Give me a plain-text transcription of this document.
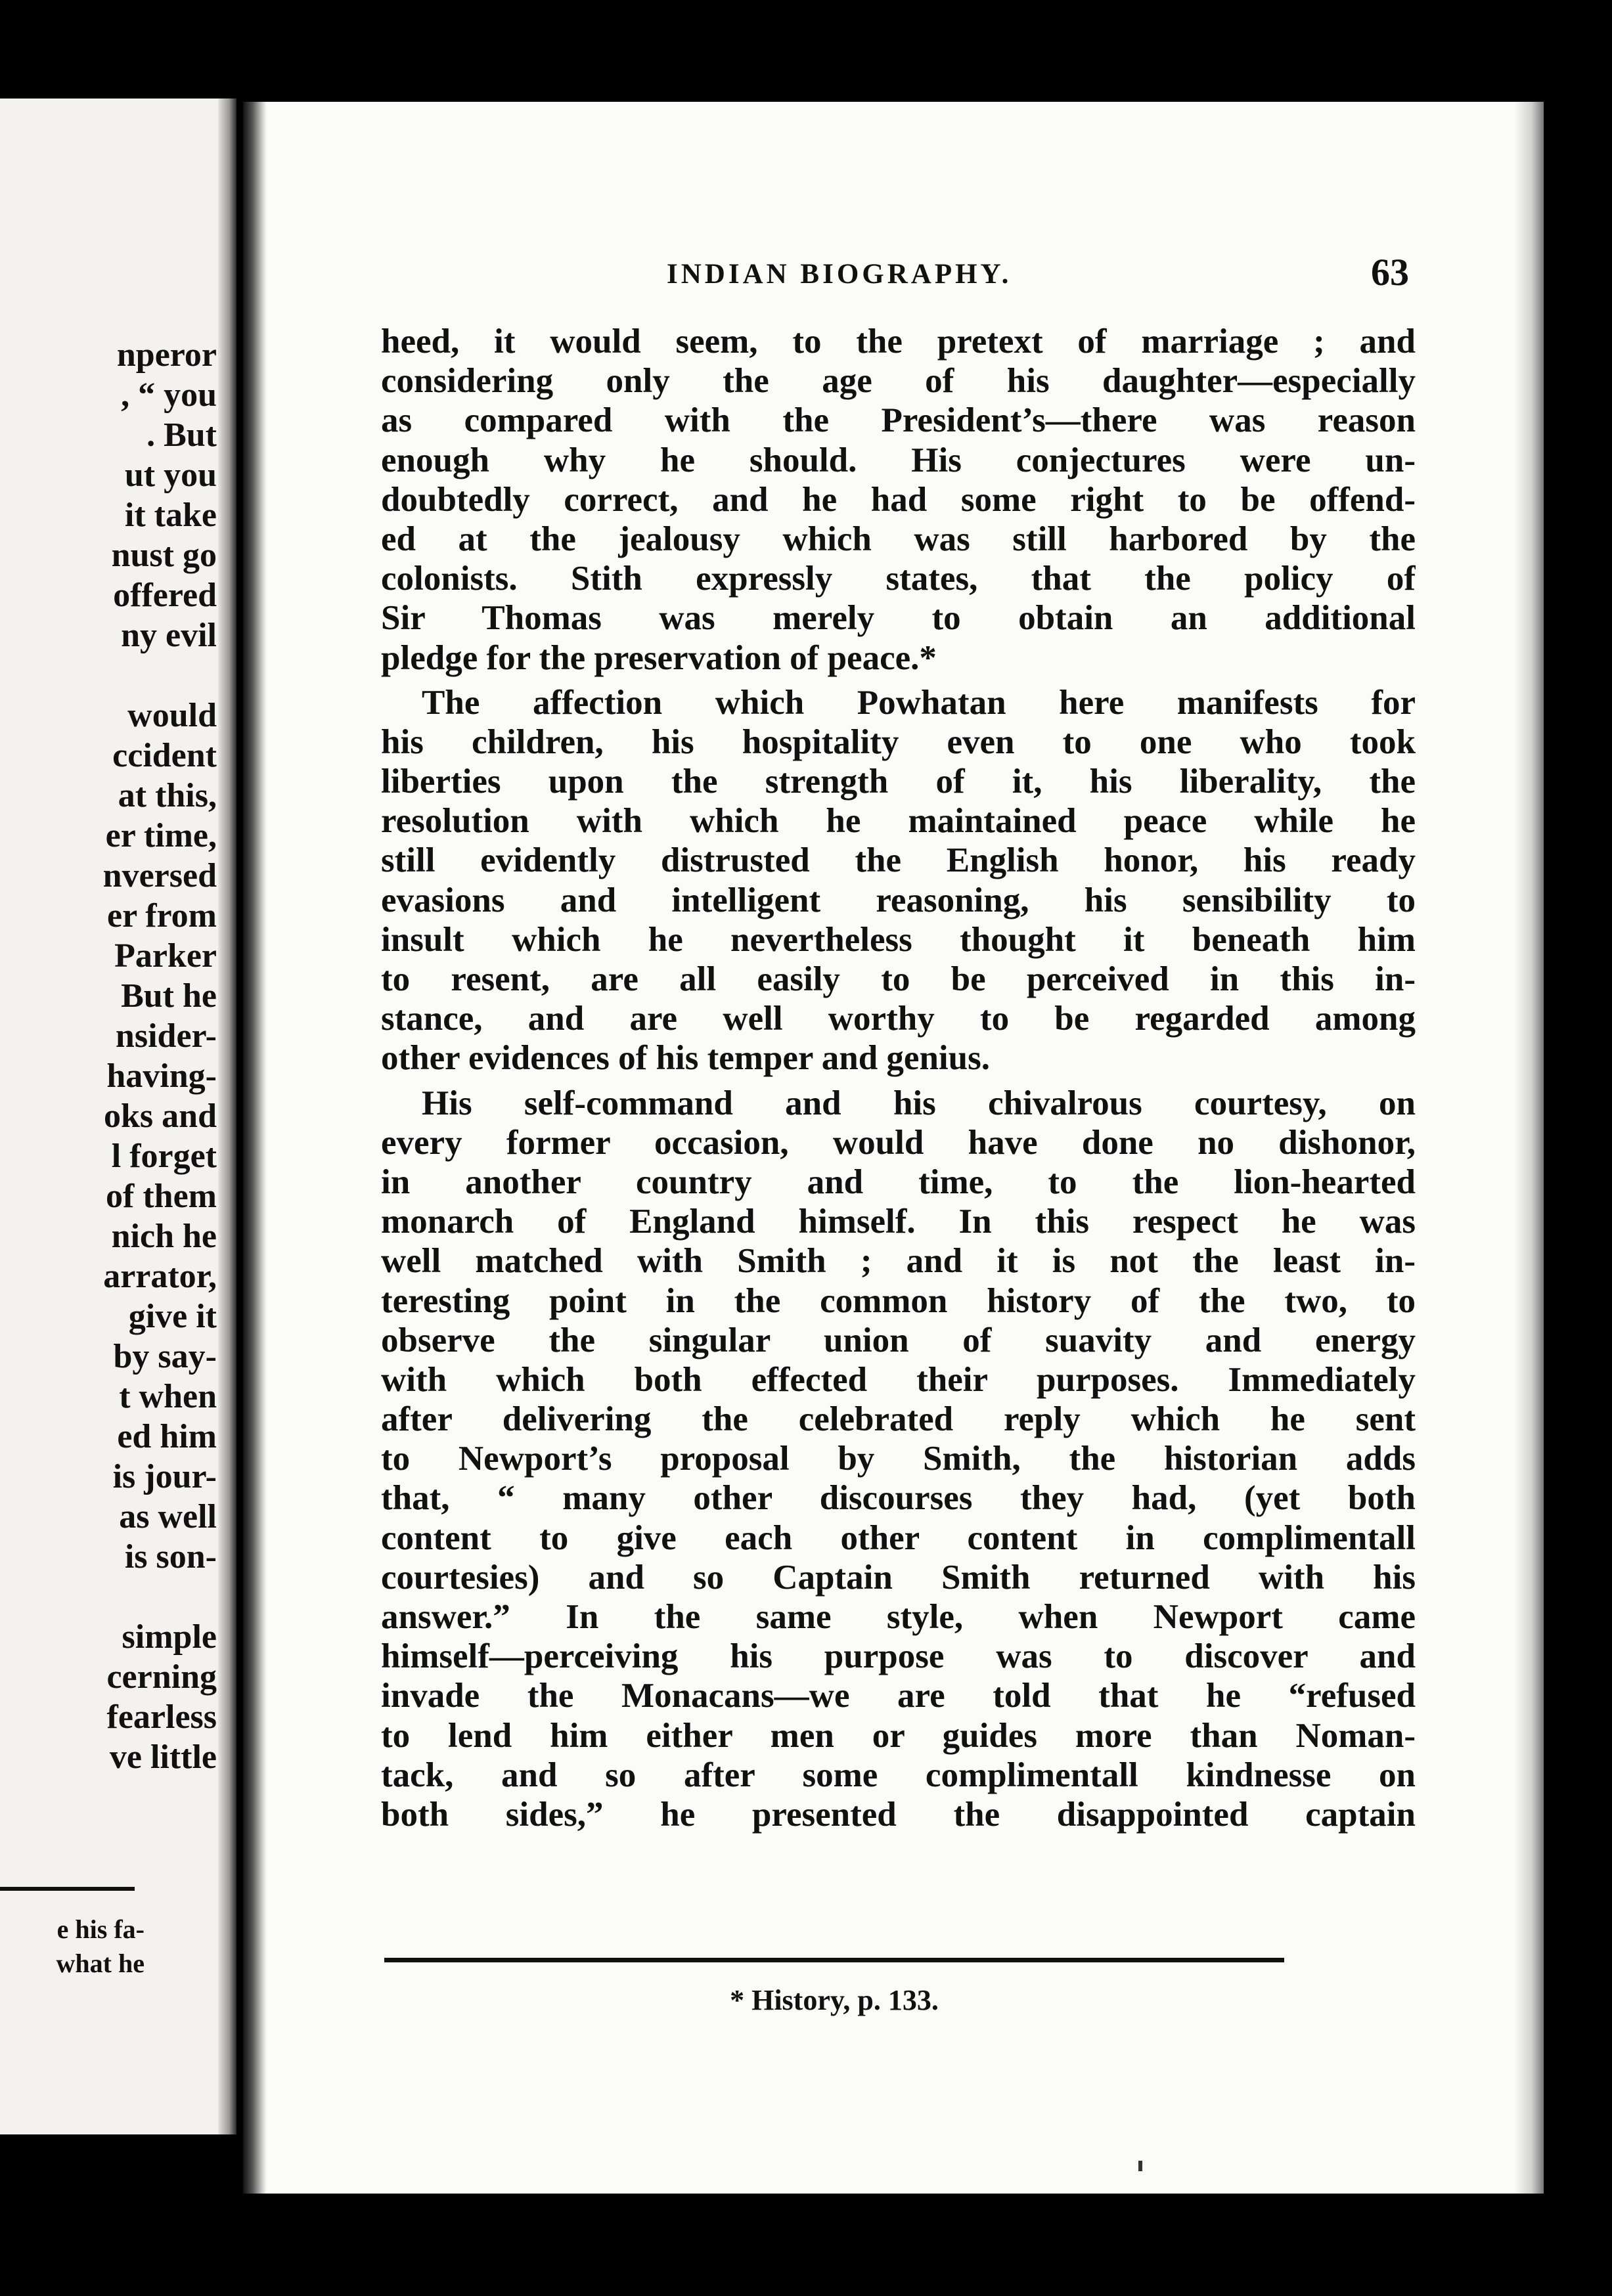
nperor
, “ you
. But
ut you
it take
nust go
offered
ny evil
would
ccident
at this,
er time,
nversed
er from
Parker
But he
nsider-
having-
oks and
l forget
of them
nich he
arrator,
give it
by say-
t when
ed him
is jour-
as well
is son-
simple
cerning
fearless
ve little
e his fa-
what he
INDIAN BIOGRAPHY.	63
heed, it would seem, to the pretext of marriage ; and
considering only the age of his daughter—especially
as compared with the President’s—there was reason
enough why he should. His conjectures were un-
doubtedly correct, and he had some right to be offend-
ed at the jealousy which was still harbored by the
colonists. Stith expressly states, that the policy of
Sir Thomas was merely to obtain an additional
pledge for the preservation of peace.*
The affection which Powhatan here manifests for
his children, his hospitality even to one who took
liberties upon the strength of it, his liberality, the
resolution with which he maintained peace while he
still evidently distrusted the English honor, his ready
evasions and intelligent reasoning, his sensibility to
insult which he nevertheless thought it beneath him
to resent, are all easily to be perceived in this in-
stance, and are well worthy to be regarded among
other evidences of his temper and genius.
His self-command and his chivalrous courtesy, on
every former occasion, would have done no dishonor,
in another country and time, to the lion-hearted
monarch of England himself. In this respect he was
well matched with Smith ; and it is not the least in-
teresting point in the common history of the two, to
observe the singular union of suavity and energy
with which both effected their purposes. Immediately
after delivering the celebrated reply which he sent
to Newport’s proposal by Smith, the historian adds
that, “ many other discourses they had, (yet both
content to give each other content in complimentall
courtesies) and so Captain Smith returned with his
answer.” In the same style, when Newport came
himself—perceiving his purpose was to discover and
invade the Monacans—we are told that he “refused
to lend him either men or guides more than Noman-
tack, and so after some complimentall kindnesse on
both sides,” he presented the disappointed captain
* History, p. 133.
